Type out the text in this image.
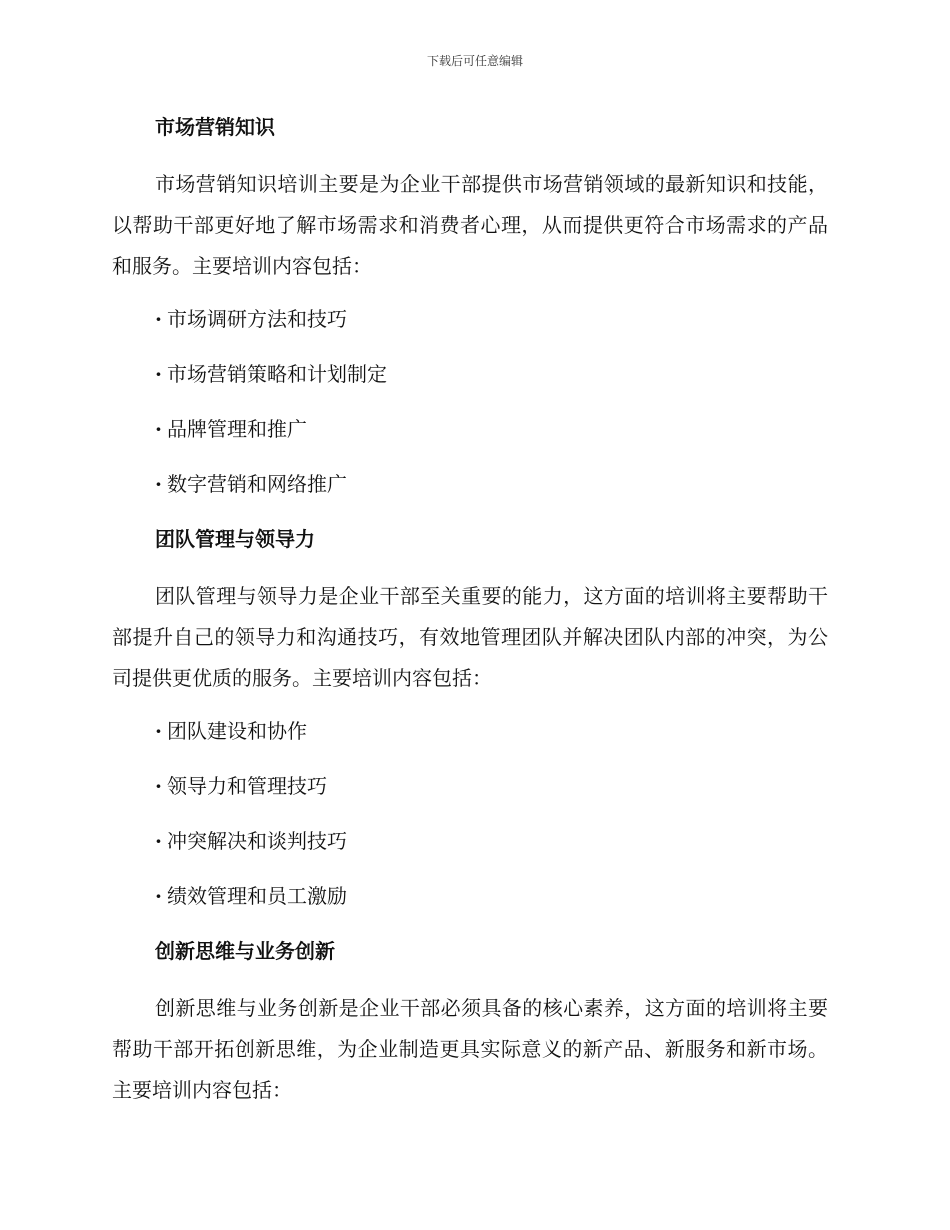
下载后可任意编辑
市场营销知识

市场营销知识培训主要是为企业干部提供市场营销领域的最新知识和技能，以帮助干部更好地了解市场需求和消费者心理，从而提供更符合市场需求的产品和服务。主要培训内容包括：

· 市场调研方法和技巧
· 市场营销策略和计划制定
· 品牌管理和推广
· 数字营销和网络推广
团队管理与领导力

团队管理与领导力是企业干部至关重要的能力，这方面的培训将主要帮助干部提升自己的领导力和沟通技巧，有效地管理团队并解决团队内部的冲突，为公司提供更优质的服务。主要培训内容包括：

· 团队建设和协作
· 领导力和管理技巧
· 冲突解决和谈判技巧
· 绩效管理和员工激励
创新思维与业务创新

创新思维与业务创新是企业干部必须具备的核心素养，这方面的培训将主要帮助干部开拓创新思维，为企业制造更具实际意义的新产品、新服务和新市场。主要培训内容包括：
